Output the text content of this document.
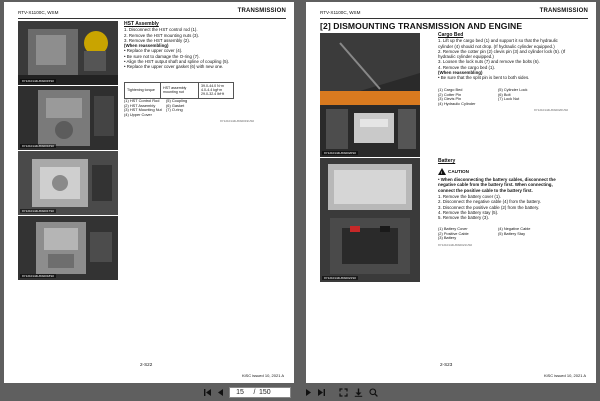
RTV-X1100C, WSM	TRANSMISSION
9Y1210144HSS0015S0
9Y1210144HSS0016S0
9Y1210144HSS0017S0
9Y1210144HSS0018S0
HST Assembly
1. Disconnect the HST control rod (1).
2. Remove the HST mounting nuts (3).
3. Remove the HST assembly (2).
(When reassembling)
• Replace the upper cover (4).
• Be sure not to damage the O-ring (7).
• Align the HST output shaft and spline of coupling (5).
• Replace the upper cover gasket (6) with new one.
Tightening torque	HST assembly mounting nut	
39.0-44.0 N·m
4.0-4.4 kgf·m
29.0-32.4 lbf·ft
(1) HST Control Rod	(5) Coupling
(2) HST Assembly	(6) Gasket
(3) HST Mounting Nut	(7) O-ring
(4) Upper Cover
9Y1210144HSS0019US0
2-S22
KiSC issued 10, 2021 A
RTV-X1100C, WSM	TRANSMISSION
[2] DISMOUNTING TRANSMISSION AND ENGINE
9Y1210144HSS0020S0
9Y1210144HSS0021S0
Cargo Bed
1. Lift up the cargo bed (1) and support it so that the hydraulic
cylinder (4) should not drop. (If hydraulic cylinder equipped.)
2. Remove the cotter pin (2) clevis pin (3) and cylinder lock (5). (If
hydraulic cylinder equipped.)
3. Loosen the lock nuts (7) and remove the bolts (6).
4. Remove the cargo bed (1).
(When reassembling)
• Be sure that the split pin is bent to both sides.
(1) Cargo Bed	(5) Cylinder Lock
(2) Cotter Pin	(6) Bolt
(3) Clevis Pin	(7) Lock Nut
(4) Hydraulic Cylinder
9Y1210144HSS0020US0
Battery
! CAUTION
• When disconnecting the battery cables, disconnect the
negative cable from the battery first. When connecting,
connect the positive cable to the battery first.
1. Remove the battery cover (1).
2. Disconnect the negative cable (4) from the battery.
3. Disconnect the positive cable (2) from the battery.
4. Remove the battery stay (5).
5. Remove the battery (3).
(1) Battery Cover	(4) Negative Cable
(2) Positive Cable	(5) Battery Stay
(3) Battery
9Y1210144HSS0021US0
2-S23
KiSC issued 10, 2021 A
15	/ 150
